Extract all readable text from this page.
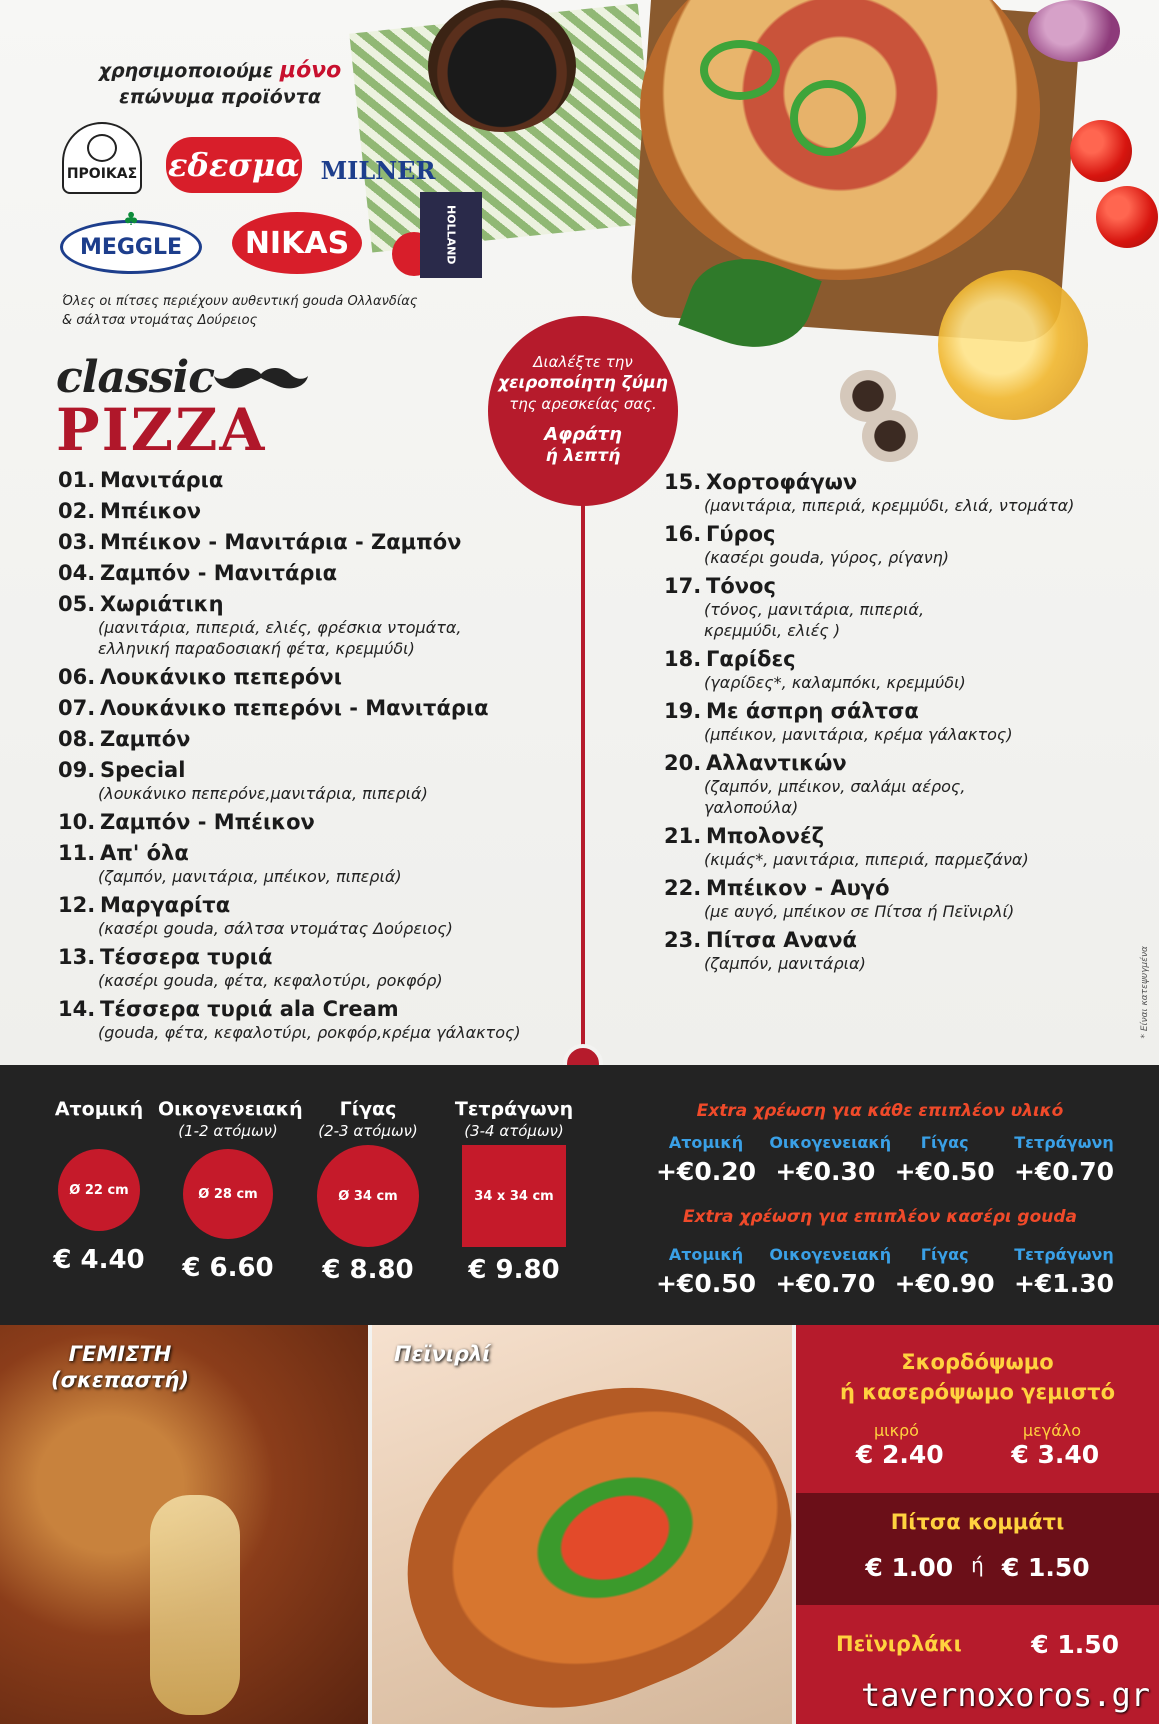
χρησιμοποιούμε μόνο
επώνυμα προϊόντα
ΠΡΟΙΚΑΣ εδεσμα MILNER
♣
MEGGLE NIKAS	HOLLAND
Όλες οι πίτσες περιέχουν αυθεντική gouda Ολλανδίας
& σάλτσα ντομάτας Δούρειος
classic
PIZZA
Διαλέξτε την
χειροποίητη ζύμη
της αρεσκείας σας.
Αφράτη
ή λεπτή
01. Μανιτάρια
02. Μπέικον
03. Μπέικον - Μανιτάρια - Ζαμπόν
04. Ζαμπόν - Μανιτάρια
05. Χωριάτικη
(μανιτάρια, πιπεριά, ελιές, φρέσκια ντομάτα,
ελληνική παραδοσιακή φέτα, κρεμμύδι)
06. Λουκάνικο πεπερόνι
07. Λουκάνικο πεπερόνι - Μανιτάρια
08. Ζαμπόν
09. Special
(λουκάνικο πεπερόνε,μανιτάρια, πιπεριά)
10. Ζαμπόν - Μπέικον
11. Απ' όλα
(ζαμπόν, μανιτάρια, μπέικον, πιπεριά)
12. Μαργαρίτα
(κασέρι gouda, σάλτσα ντομάτας Δούρειος)
13. Τέσσερα τυριά
(κασέρι gouda, φέτα, κεφαλοτύρι, ροκφόρ)
14. Τέσσερα τυριά ala Cream
(gouda, φέτα, κεφαλοτύρι, ροκφόρ,κρέμα γάλακτος)
15. Χορτοφάγων
(μανιτάρια, πιπεριά, κρεμμύδι, ελιά, ντομάτα)
16. Γύρος
(κασέρι gouda, γύρος, ρίγανη)
17. Τόνος
(τόνος, μανιτάρια, πιπεριά,
κρεμμύδι, ελιές )
18. Γαρίδες
(γαρίδες*, καλαμπόκι, κρεμμύδι)
19. Με άσπρη σάλτσα
(μπέικον, μανιτάρια, κρέμα γάλακτος)
20. Αλλαντικών
(ζαμπόν, μπέικον, σαλάμι αέρος,
γαλοπούλα)
21. Μπολονέζ
(κιμάς*, μανιτάρια, πιπεριά, παρμεζάνα)
22. Μπέικον - Αυγό
(με αυγό, μπέικον σε Πίτσα ή Πεϊνιρλί)
23. Πίτσα Ανανά
(ζαμπόν, μανιτάρια)	* Είναι κατεψυγμένα
Ατομική

Ø 22 cm
€ 4.40
Οικογενειακή
(1-2 ατόμων)
Ø 28 cm
€ 6.60
Γίγας
(2-3 ατόμων)
Ø 34 cm
€ 8.80
Τετράγωνη
(3-4 ατόμων)
34 x 34 cm
€ 9.80
Extra χρέωση για κάθε επιπλέον υλικό
Ατομική	Οικογενειακή	Γίγας	Τετράγωνη
+€0.20 +€0.30 +€0.50 +€0.70
Extra χρέωση για επιπλέον κασέρι gouda
Ατομική	Οικογενειακή	Γίγας	Τετράγωνη
+€0.50 +€0.70 +€0.90 +€1.30
ΓΕΜΙΣΤΗ
(σκεπαστή)
Πεϊνιρλί	Σκορδόψωμο
ή κασερόψωμο γεμιστό
μικρό	μεγάλο
€ 2.40	€ 3.40
Πίτσα κομμάτι
€ 1.00 ή € 1.50
Πεϊνιρλάκι	€ 1.50
tavernoxoros.gr
